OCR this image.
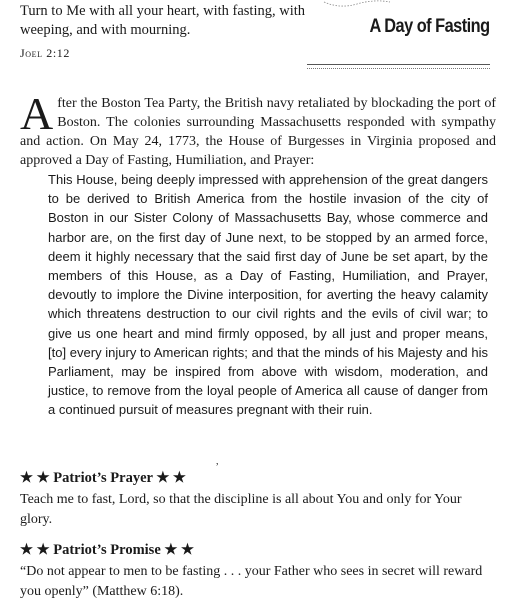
Turn to Me with all your heart, with fasting, with weeping, and with mourning.
Joel 2:12
A Day of Fasting
After the Boston Tea Party, the British navy retaliated by blockading the port of Boston. The colonies surrounding Massachusetts responded with sympathy and action. On May 24, 1773, the House of Burgesses in Virginia proposed and approved a Day of Fasting, Humiliation, and Prayer:
This House, being deeply impressed with apprehension of the great dangers to be derived to British America from the hostile invasion of the city of Boston in our Sister Colony of Massachusetts Bay, whose commerce and harbor are, on the first day of June next, to be stopped by an armed force, deem it highly necessary that the said first day of June be set apart, by the members of this House, as a Day of Fasting, Humiliation, and Prayer, devoutly to implore the Divine interposition, for averting the heavy calamity which threatens destruction to our civil rights and the evils of civil war; to give us one heart and mind firmly opposed, by all just and proper means, [to] every injury to American rights; and that the minds of his Majesty and his Parliament, may be inspired from above with wisdom, moderation, and justice, to remove from the loyal people of America all cause of danger from a continued pursuit of measures pregnant with their ruin.
,
★ ★ Patriot’s Prayer ★ ★
Teach me to fast, Lord, so that the discipline is all about You and only for Your glory.
★ ★ Patriot’s Promise ★ ★
“Do not appear to men to be fasting . . . your Father who sees in secret will reward you openly” (Matthew 6:18).
